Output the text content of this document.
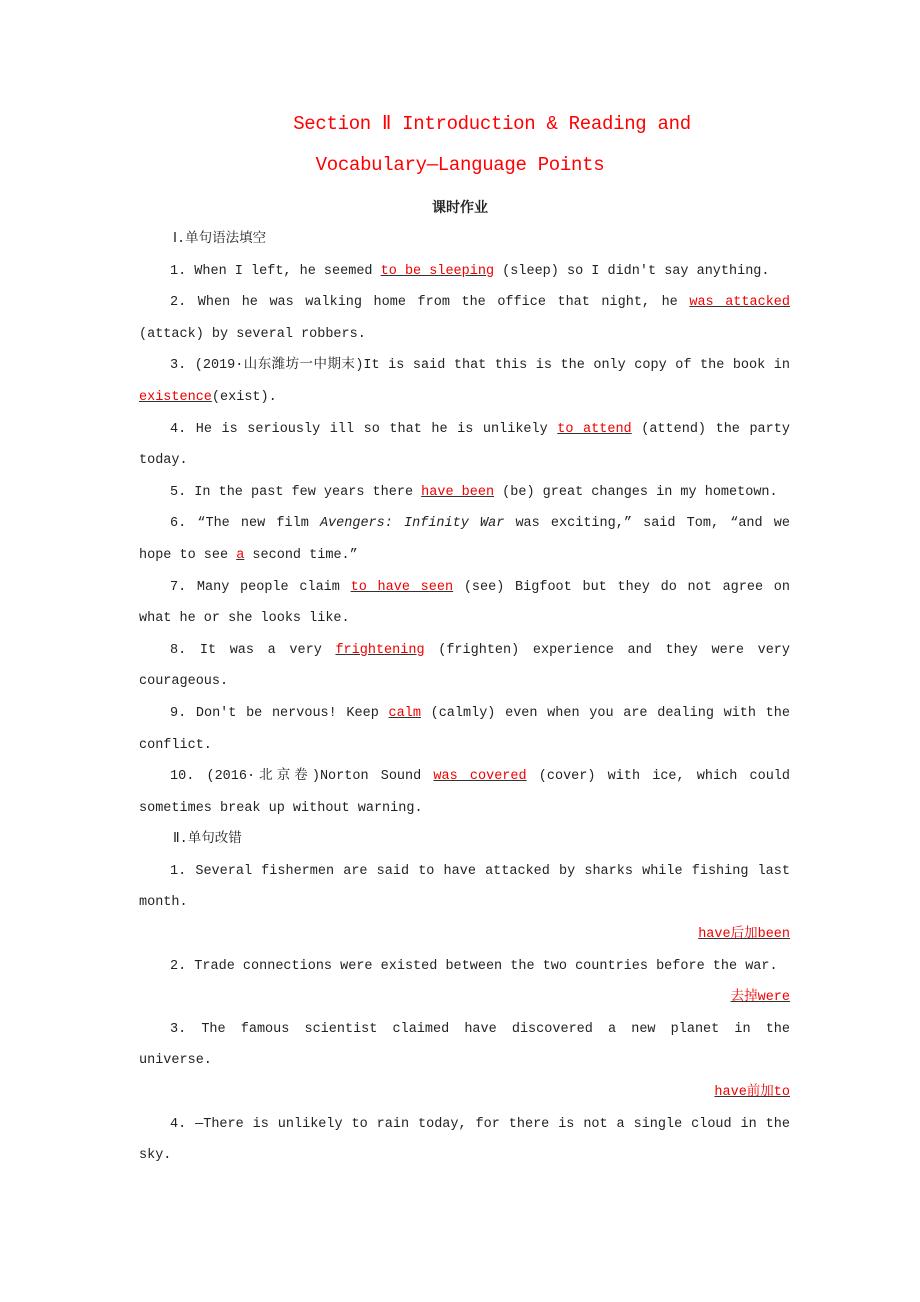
Section Ⅱ Introduction & Reading and
Vocabulary—Language Points
课时作业
Ⅰ.单句语法填空
1. When I left, he seemed to be sleeping (sleep) so I didn't say anything.
2. When he was walking home from the office that night, he was attacked (attack) by several robbers.
3. (2019·山东潍坊一中期末)It is said that this is the only copy of the book in existence(exist).
4. He is seriously ill so that he is unlikely to attend (attend) the party today.
5. In the past few years there have been (be) great changes in my hometown.
6. “The new film Avengers: Infinity War was exciting,” said Tom, “and we hope to see a second time.”
7. Many people claim to have seen (see) Bigfoot but they do not agree on what he or she looks like.
8. It was a very frightening (frighten) experience and they were very courageous.
9. Don't be nervous! Keep calm (calmly) even when you are dealing with the conflict.
10. (2016·北京卷)Norton Sound was covered (cover) with ice, which could sometimes break up without warning.
Ⅱ.单句改错
1. Several fishermen are said to have attacked by sharks while fishing last month.
have后加been
2. Trade connections were existed between the two countries before the war.
去掉were
3. The famous scientist claimed have discovered a new planet in the universe.
have前加to
4. —There is unlikely to rain today, for there is not a single cloud in the sky.
